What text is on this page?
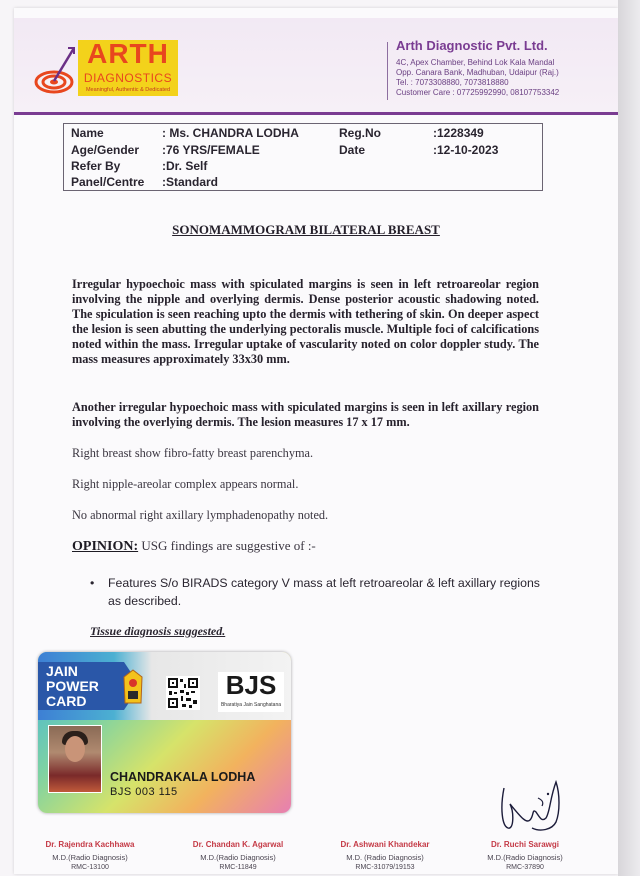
ARTH
DIAGNOSTICS
Meaningful, Authentic & Dedicated
Arth Diagnostic Pvt. Ltd.
4C, Apex Chamber, Behind Lok Kala Mandal
Opp. Canara Bank, Madhuban, Udaipur (Raj.)
Tel. : 7073308880, 7073818880
Customer Care : 07725992990, 08107753342
Name	: Ms. CHANDRA LODHA	Reg.No	:1228349
Age/Gender :76 YRS/FEMALE	Date	:12-10-2023
Refer By	:Dr. Self
Panel/Centre :Standard
SONOMAMMOGRAM BILATERAL BREAST
Irregular hypoechoic mass with spiculated margins is seen in left retroareolar region involving the nipple and overlying dermis. Dense posterior acoustic shadowing noted. The spiculation is seen reaching upto the dermis with tethering of skin. On deeper aspect the lesion is seen abutting the underlying pectoralis muscle. Multiple foci of calcifications noted within the mass. Irregular uptake of vascularity noted on color doppler study. The mass measures approximately 33x30 mm.
Another irregular hypoechoic mass with spiculated margins is seen in left axillary region involving the overlying dermis. The lesion measures 17 x 17 mm.
Right breast show fibro-fatty breast parenchyma.
Right nipple-areolar complex appears normal.
No abnormal right axillary lymphadenopathy noted.
OPINION: USG findings are suggestive of :-
• Features S/o BIRADS category V mass at left retroareolar & left axillary regions as described.
Tissue diagnosis suggested.
JAIN
POWER
CARD
BJS
Bharatiya Jain Sanghatana
CHANDRAKALA LODHA
BJS 003 115
Dr. Rajendra Kachhawa
M.D.(Radio Diagnosis)
RMC-13100
Dr. Chandan K. Agarwal
M.D.(Radio Diagnosis)
RMC-11849
Dr. Ashwani Khandekar
M.D. (Radio Diagnosis)
RMC-31079/19153
Dr. Ruchi Sarawgi
M.D.(Radio Diagnosis)
RMC-37890
